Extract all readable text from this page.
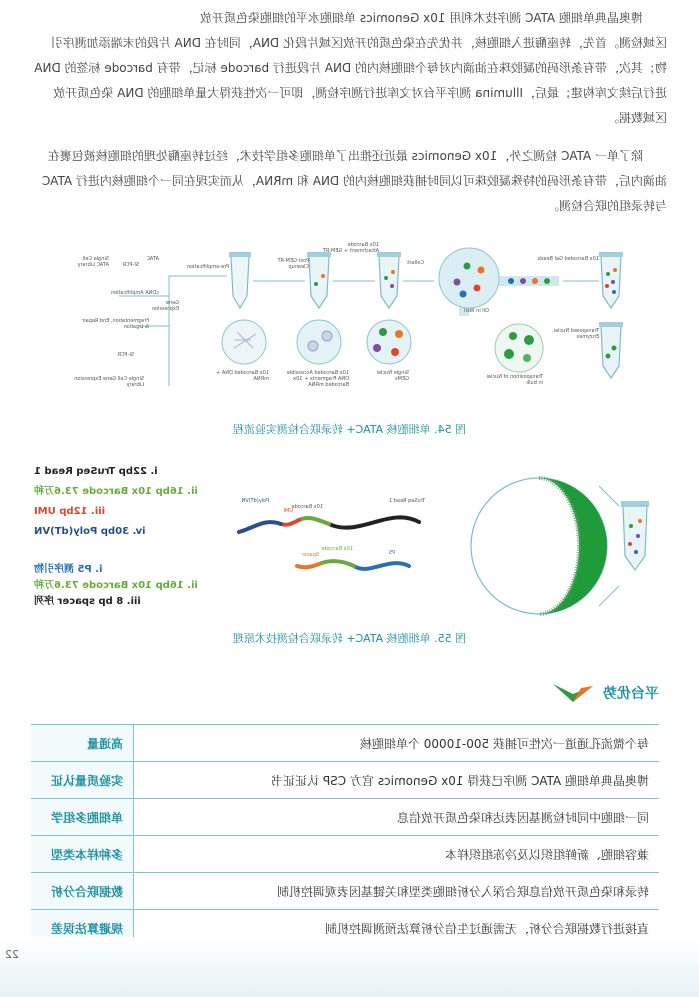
博奥晶典单细胞 ATAC 测序技术利用 10x Genomics 单细胞水平的细胞染色质开放

区域检测。首先，转座酶进入细胞核，并优先在染色质的开放区域片段化 DNA，同时在 DNA 片段的末端添加测序引

物；其次，带有条形码的凝胶珠在油滴内对每个细胞核内的 DNA 片段进行 barcode 标记，带有 barcode 标签的 DNA

进行后续文库构建；最后，Illumina 测序平台对文库进行测序检测，即可一次性获得大量单细胞的 DNA 染色质开放

区域数据。

除了单一 ATAC 检测之外，10x Genomics 最近还推出了单细胞多组学技术，经过转座酶处理的细胞核被包裹在

油滴内后，带有条形码的特殊凝胶珠可以同时捕获细胞核内的 DNA 和 mRNA，从而实现在同一个细胞核内进行 ATAC

与转录组的联合检测。

10x Barcoded Gel Beads
Collect
Oil in Well
10x Barcode Attachment + GEM-RT
Post GEM-RT Cleanup
Pre-amplification
ATAC
SI-PCR
Single Cell ATAC Library
cDNA Amplification
Gene Expression
Fragmentation, End Repair & Ligation
SI-PCR
Single Cell Gene Expression Library
Transposed Nuclei, Enzymes
Transposition of Nuclei in bulk
Single Nuclei GEMs
10x Barcoded Accessible DNA Fragments + 10x Barcoded mRNA
10x Barcoded DNA + mRNA
图 54. 单细胞核 ATAC+ 转录联合检测实验流程
Single Cell
Multiome
ATAC + GEX
Gel Bead
TruSeq Read 1
10x Barcode
UMI
Poly(dT)VN
P5
10x Barcode
Spacer
i. 22bp TruSeq Read 1
ii. 16bp 10x Barcode 73.6万种
iii. 12bp UMI
iv. 30bp Poly(dT)VN
i. P5 测序引物
ii. 16bp 10x Barcode 73.6万种
iii. 8 bp spacer 序列
图 55. 单细胞核 ATAC+ 转录联合检测技术原理
平台优势
每个微流孔通道一次性可捕获 500-10000 个单细胞核	高通量
博奥晶典单细胞 ATAC 测序已获得 10x Genomics 官方 CSP 认证证书	实验质量认证
同一细胞中同时检测基因表达和染色质开放信息	单细胞多组学
兼容细胞、新鲜组织以及冷冻组织样本	多种样本类型
转录和染色质开放信息联合深入分析细胞类型和关键基因表观调控机制	数据联合分析
直接进行数据联合分析，无需通过生信分析算法预测调控机制	规避算法误差
22
